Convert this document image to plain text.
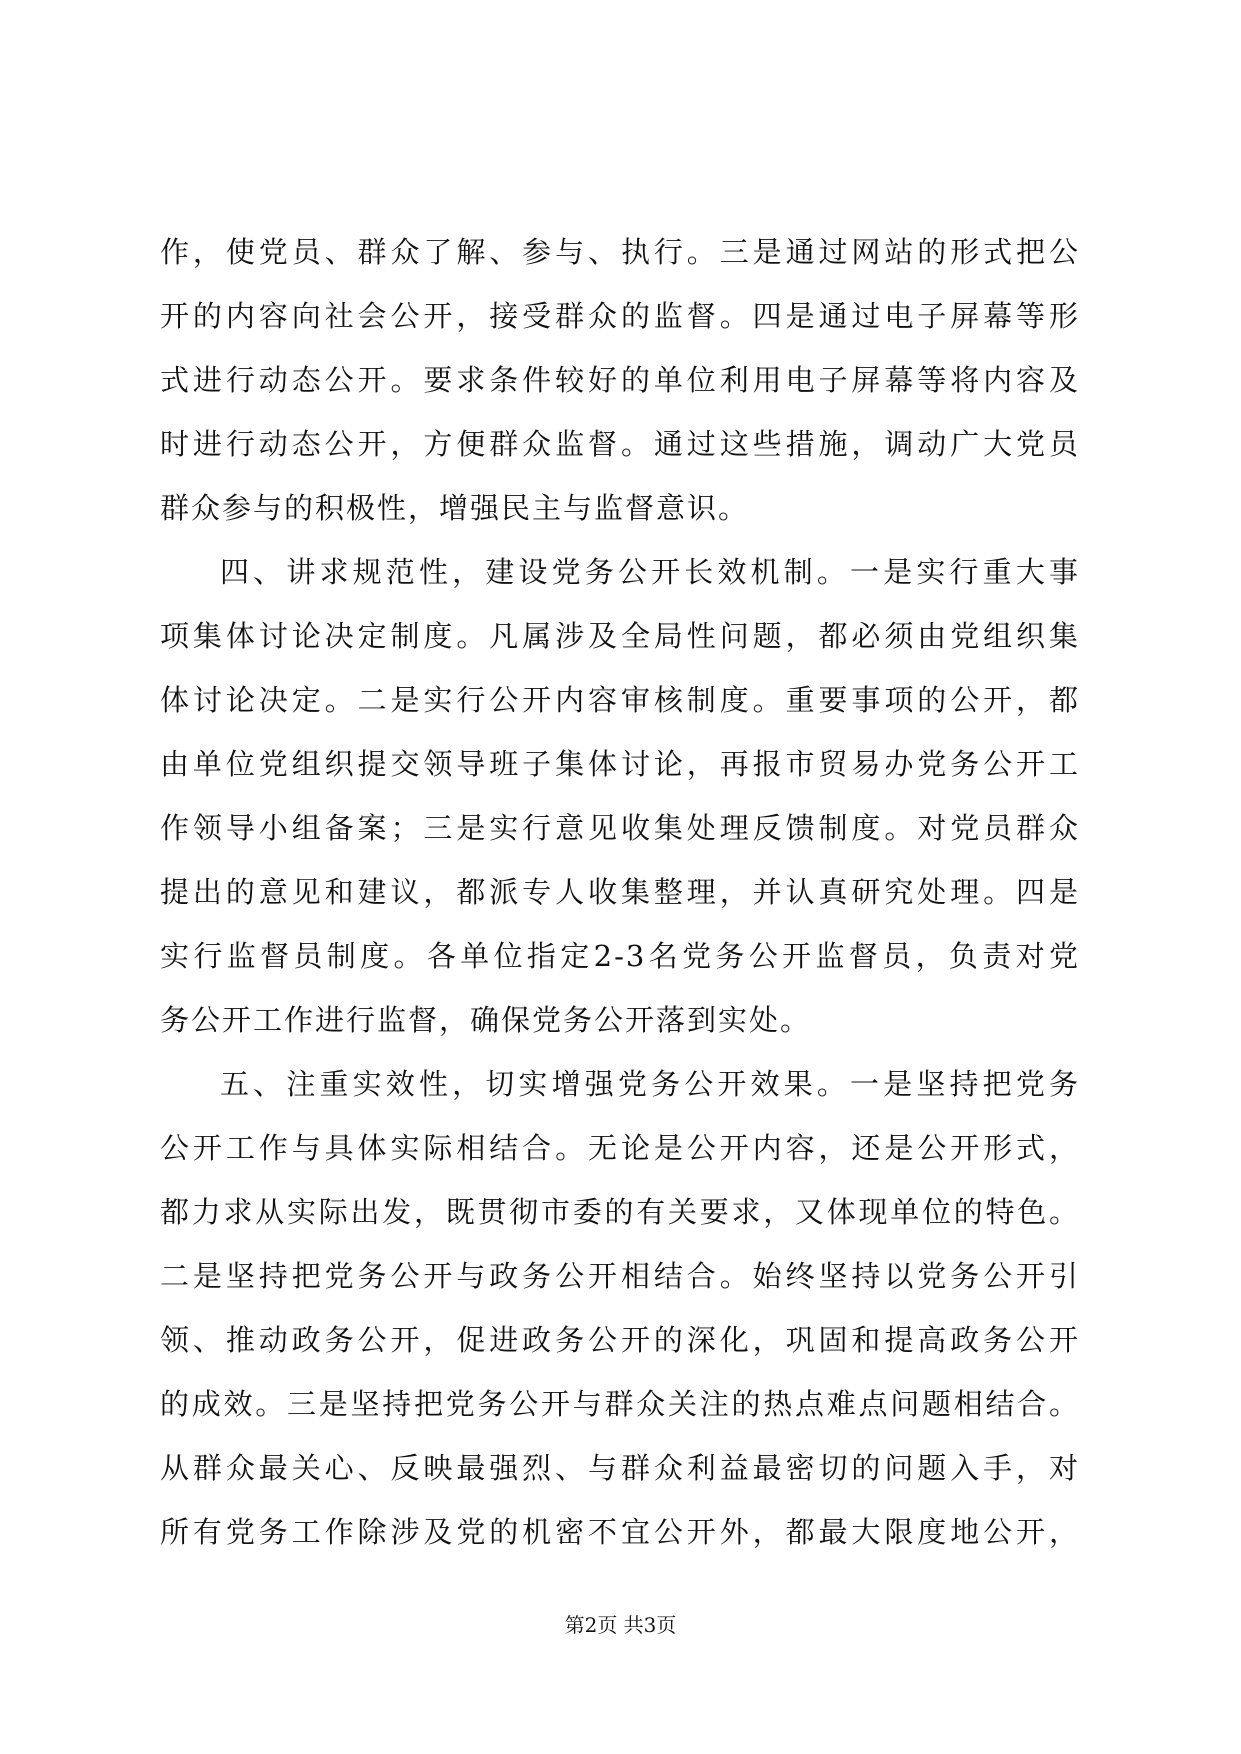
作，使党员、群众了解、参与、执行。三是通过网站的形式把公
开的内容向社会公开，接受群众的监督。四是通过电子屏幕等形
式进行动态公开。要求条件较好的单位利用电子屏幕等将内容及
时进行动态公开，方便群众监督。通过这些措施，调动广大党员
群众参与的积极性，增强民主与监督意识。
四、讲求规范性，建设党务公开长效机制。一是实行重大事
项集体讨论决定制度。凡属涉及全局性问题，都必须由党组织集
体讨论决定。二是实行公开内容审核制度。重要事项的公开，都
由单位党组织提交领导班子集体讨论，再报市贸易办党务公开工
作领导小组备案；三是实行意见收集处理反馈制度。对党员群众
提出的意见和建议，都派专人收集整理，并认真研究处理。四是
实行监督员制度。各单位指定2-3名党务公开监督员，负责对党
务公开工作进行监督，确保党务公开落到实处。
五、注重实效性，切实增强党务公开效果。一是坚持把党务
公开工作与具体实际相结合。无论是公开内容，还是公开形式，
都力求从实际出发，既贯彻市委的有关要求，又体现单位的特色。
二是坚持把党务公开与政务公开相结合。始终坚持以党务公开引
领、推动政务公开，促进政务公开的深化，巩固和提高政务公开
的成效。三是坚持把党务公开与群众关注的热点难点问题相结合。
从群众最关心、反映最强烈、与群众利益最密切的问题入手，对
所有党务工作除涉及党的机密不宜公开外，都最大限度地公开，
第2页 共3页
